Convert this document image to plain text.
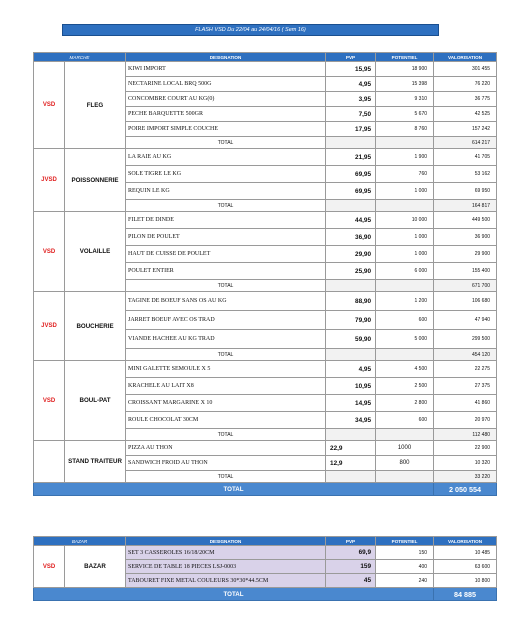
FLASH VSD Du 22/04 au 24/04/16 ( Sem 16)
MARCHE		DESIGNATION	PVP	POTENTIEL	VALORISATION
VSD	FLEG	KIWI IMPORT	15,95	18 900	301 455
		NECTARINE LOCAL BRQ 500G	4,95	15 398	76 220
		CONCOMBRE COURT AU KG(0)	3,95	9 310	36 775
		PECHE BARQUETTE 500GR	7,50	5 670	42 525
		POIRE IMPORT SIMPLE COUCHE	17,95	8 760	157 242
		TOTAL			614 217
JVSD	POISSONNERIE	LA RAIE AU KG	21,95	1 900	41 705
		SOLE TIGRE LE KG	69,95	760	53 162
		REQUIN LE KG	69,95	1 000	69 950
		TOTAL			164 817
VSD	VOLAILLE	FILET DE DINDE	44,95	10 000	449 500
		PILON DE POULET	36,90	1 000	36 900
		HAUT DE CUISSE DE POULET	29,90	1 000	29 900
		POULET ENTIER	25,90	6 000	155 400
		TOTAL			671 700
JVSD	BOUCHERIE	TAGINE DE BOEUF SANS OS AU KG	88,90	1 200	106 680
		JARRET BOEUF AVEC OS TRAD	79,90	600	47 940
		VIANDE HACHEE AU KG TRAD	59,90	5 000	299 500
		TOTAL			454 120
VSD	BOUL-PAT	MINI GALETTE SEMOULE X 5	4,95	4 500	22 275
		KRACHELE AU LAIT X8	10,95	2 500	27 375
		CROISSANT MARGARINE X 10	14,95	2 800	41 860
		ROULE CHOCOLAT 30CM	34,95	600	20 970
		TOTAL			112 480
	STAND TRAITEUR	PIZZA AU THON	22,9	1000	22 900
		SANDWICH FROID AU THON	12,9	800	10 320
		TOTAL			33 220
TOTAL					2 050 554
BAZAR		DESIGNATION	PVP	POTENTIEL	VALORISATION
VSD	BAZAR	SET 3 CASSEROLES 16/18/20CM	69,9	150	10 485
		SERVICE DE TABLE 18 PIECES LSJ-0003	159	400	63 600
		TABOURET FIXE METAL COULEURS 30*30*44.5CM	45	240	10 800
TOTAL					84 885
